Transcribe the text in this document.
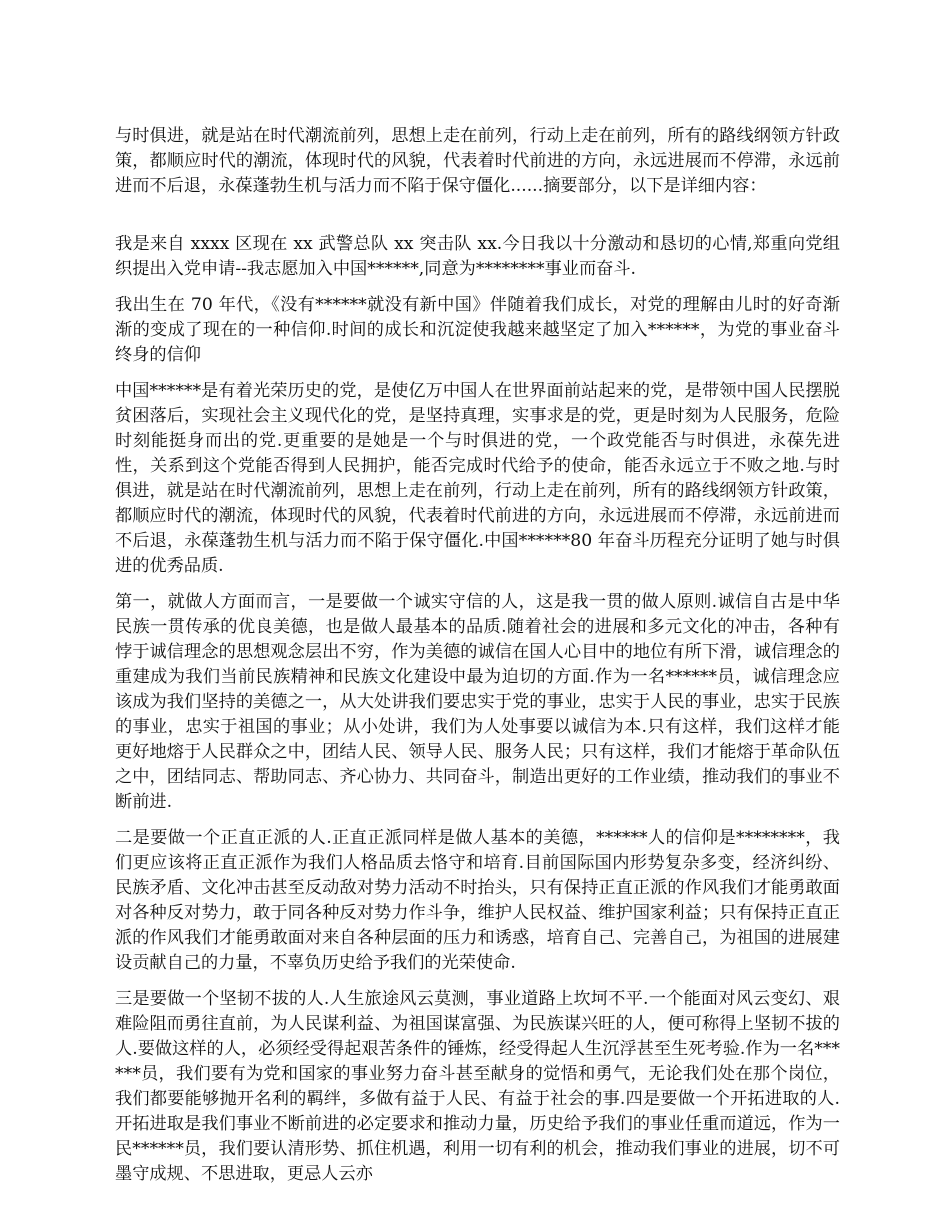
与时俱进，就是站在时代潮流前列，思想上走在前列，行动上走在前列，所有的路线纲领方针政策，都顺应时代的潮流，体现时代的风貌，代表着时代前进的方向，永远进展而不停滞，永远前进而不后退，永葆蓬勃生机与活力而不陷于保守僵化......摘要部分，以下是详细内容：

我是来自 xxxx 区现在 xx 武警总队 xx 突击队 xx.今日我以十分激动和恳切的心情,郑重向党组织提出入党申请--我志愿加入中国******,同意为********事业而奋斗.

我出生在 70 年代，《没有******就没有新中国》伴随着我们成长，对党的理解由儿时的好奇渐渐的变成了现在的一种信仰.时间的成长和沉淀使我越来越坚定了加入******，为党的事业奋斗终身的信仰

中国******是有着光荣历史的党，是使亿万中国人在世界面前站起来的党，是带领中国人民摆脱贫困落后，实现社会主义现代化的党，是坚持真理，实事求是的党，更是时刻为人民服务，危险时刻能挺身而出的党.更重要的是她是一个与时俱进的党，一个政党能否与时俱进，永葆先进性，关系到这个党能否得到人民拥护，能否完成时代给予的使命，能否永远立于不败之地.与时俱进，就是站在时代潮流前列，思想上走在前列，行动上走在前列，所有的路线纲领方针政策，都顺应时代的潮流，体现时代的风貌，代表着时代前进的方向，永远进展而不停滞，永远前进而不后退，永葆蓬勃生机与活力而不陷于保守僵化.中国******80 年奋斗历程充分证明了她与时俱进的优秀品质.

第一，就做人方面而言，一是要做一个诚实守信的人，这是我一贯的做人原则.诚信自古是中华民族一贯传承的优良美德，也是做人最基本的品质.随着社会的进展和多元文化的冲击，各种有悖于诚信理念的思想观念层出不穷，作为美德的诚信在国人心目中的地位有所下滑，诚信理念的重建成为我们当前民族精神和民族文化建设中最为迫切的方面.作为一名******员，诚信理念应该成为我们坚持的美德之一，从大处讲我们要忠实于党的事业，忠实于人民的事业，忠实于民族的事业，忠实于祖国的事业；从小处讲，我们为人处事要以诚信为本.只有这样，我们这样才能更好地熔于人民群众之中，团结人民、领导人民、服务人民；只有这样，我们才能熔于革命队伍之中，团结同志、帮助同志、齐心协力、共同奋斗，制造出更好的工作业绩，推动我们的事业不断前进.

二是要做一个正直正派的人.正直正派同样是做人基本的美德，******人的信仰是********，我们更应该将正直正派作为我们人格品质去恪守和培育.目前国际国内形势复杂多变，经济纠纷、民族矛盾、文化冲击甚至反动敌对势力活动不时抬头，只有保持正直正派的作风我们才能勇敢面对各种反对势力，敢于同各种反对势力作斗争，维护人民权益、维护国家利益；只有保持正直正派的作风我们才能勇敢面对来自各种层面的压力和诱惑，培育自己、完善自己，为祖国的进展建设贡献自己的力量，不辜负历史给予我们的光荣使命.

三是要做一个坚韧不拔的人.人生旅途风云莫测，事业道路上坎坷不平.一个能面对风云变幻、艰难险阻而勇往直前，为人民谋利益、为祖国谋富强、为民族谋兴旺的人，便可称得上坚韧不拔的人.要做这样的人，必须经受得起艰苦条件的锤炼，经受得起人生沉浮甚至生死考验.作为一名******员，我们要有为党和国家的事业努力奋斗甚至献身的觉悟和勇气，无论我们处在那个岗位，我们都要能够抛开名利的羁绊，多做有益于人民、有益于社会的事.四是要做一个开拓进取的人.开拓进取是我们事业不断前进的必定要求和推动力量，历史给予我们的事业任重而道远，作为一民******员，我们要认清形势、抓住机遇，利用一切有利的机会，推动我们事业的进展，切不可墨守成规、不思进取，更忌人云亦
